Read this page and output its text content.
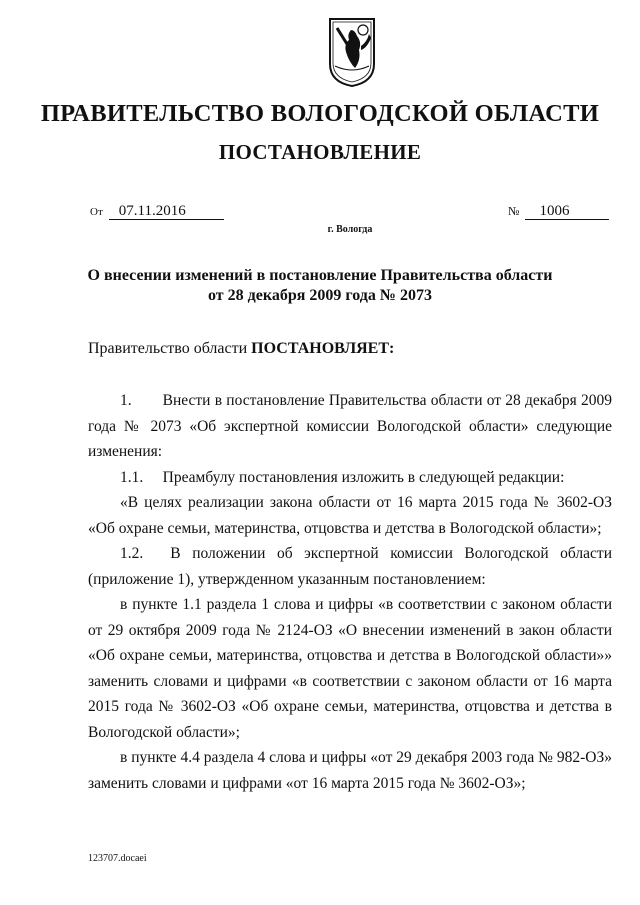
ПРАВИТЕЛЬСТВО ВОЛОГОДСКОЙ ОБЛАСТИ
ПОСТАНОВЛЕНИЕ
От 07.11.2016	№ 1006
г. Вологда
О внесении изменений в постановление Правительства области
от 28 декабря 2009 года № 2073
Правительство области ПОСТАНОВЛЯЕТ:

1.  Внести в постановление Правительства области от 28 декабря 2009 года № 2073 «Об экспертной комиссии Вологодской области» следующие изменения:

1.1.  Преамбулу постановления изложить в следующей редакции:

«В целях реализации закона области от 16 марта 2015 года № 3602-ОЗ «Об охране семьи, материнства, отцовства и детства в Вологодской области»;

1.2.  В положении об экспертной комиссии Вологодской области (приложение 1), утвержденном указанным постановлением:

в пункте 1.1 раздела 1 слова и цифры «в соответствии с законом области от 29 октября 2009 года № 2124-ОЗ «О внесении изменений в закон области «Об охране семьи, материнства, отцовства и детства в Вологодской области»» заменить словами и цифрами «в соответствии с законом области от 16 марта 2015 года № 3602-ОЗ «Об охране семьи, материнства, отцовства и детства в Вологодской области»;

в пункте 4.4 раздела 4 слова и цифры «от 29 декабря 2003 года № 982-ОЗ» заменить словами и цифрами «от 16 марта 2015 года № 3602-ОЗ»;

123707.docaei
